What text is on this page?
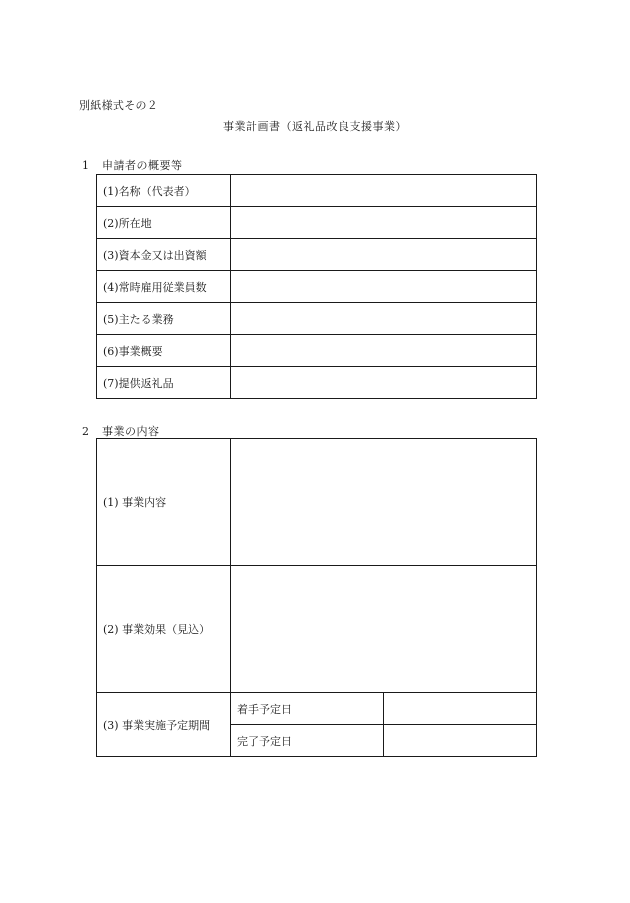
別紙様式その２
事業計画書（返礼品改良支援事業）
1 申請者の概要等
(1)名称（代表者）	
(2)所在地	
(3)資本金又は出資額	
(4)常時雇用従業員数	
(5)主たる業務	
(6)事業概要	
(7)提供返礼品	
2 事業の内容
(1) 事業内容		
(2) 事業効果（見込）		
(3) 事業実施予定期間	着手予定日	
	完了予定日	
